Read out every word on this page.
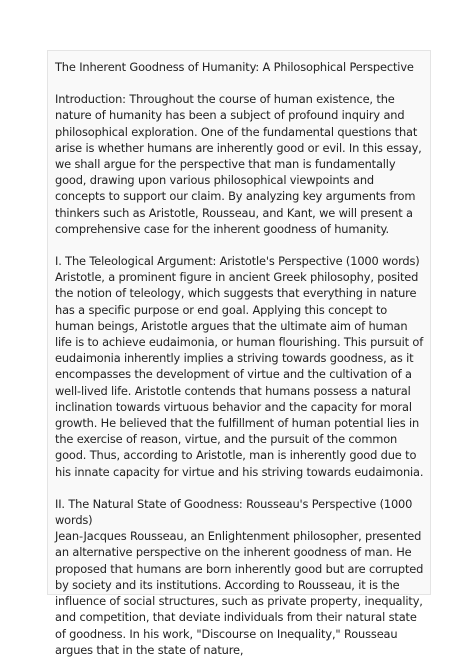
The Inherent Goodness of Humanity: A Philosophical Perspective

Introduction: Throughout the course of human existence, the nature of humanity has been a subject of profound inquiry and philosophical exploration. One of the fundamental questions that arise is whether humans are inherently good or evil. In this essay, we shall argue for the perspective that man is fundamentally good, drawing upon various philosophical viewpoints and concepts to support our claim. By analyzing key arguments from thinkers such as Aristotle, Rousseau, and Kant, we will present a comprehensive case for the inherent goodness of humanity.

I. The Teleological Argument: Aristotle's Perspective (1000 words)
Aristotle, a prominent figure in ancient Greek philosophy, posited the notion of teleology, which suggests that everything in nature has a specific purpose or end goal. Applying this concept to human beings, Aristotle argues that the ultimate aim of human life is to achieve eudaimonia, or human flourishing. This pursuit of eudaimonia inherently implies a striving towards goodness, as it encompasses the development of virtue and the cultivation of a well-lived life. Aristotle contends that humans possess a natural inclination towards virtuous behavior and the capacity for moral growth. He believed that the fulfillment of human potential lies in the exercise of reason, virtue, and the pursuit of the common good. Thus, according to Aristotle, man is inherently good due to his innate capacity for virtue and his striving towards eudaimonia.

II. The Natural State of Goodness: Rousseau's Perspective (1000 words)
Jean-Jacques Rousseau, an Enlightenment philosopher, presented an alternative perspective on the inherent goodness of man. He proposed that humans are born inherently good but are corrupted by society and its institutions. According to Rousseau, it is the influence of social structures, such as private property, inequality, and competition, that deviate individuals from their natural state of goodness. In his work, "Discourse on Inequality," Rousseau argues that in the state of nature,
